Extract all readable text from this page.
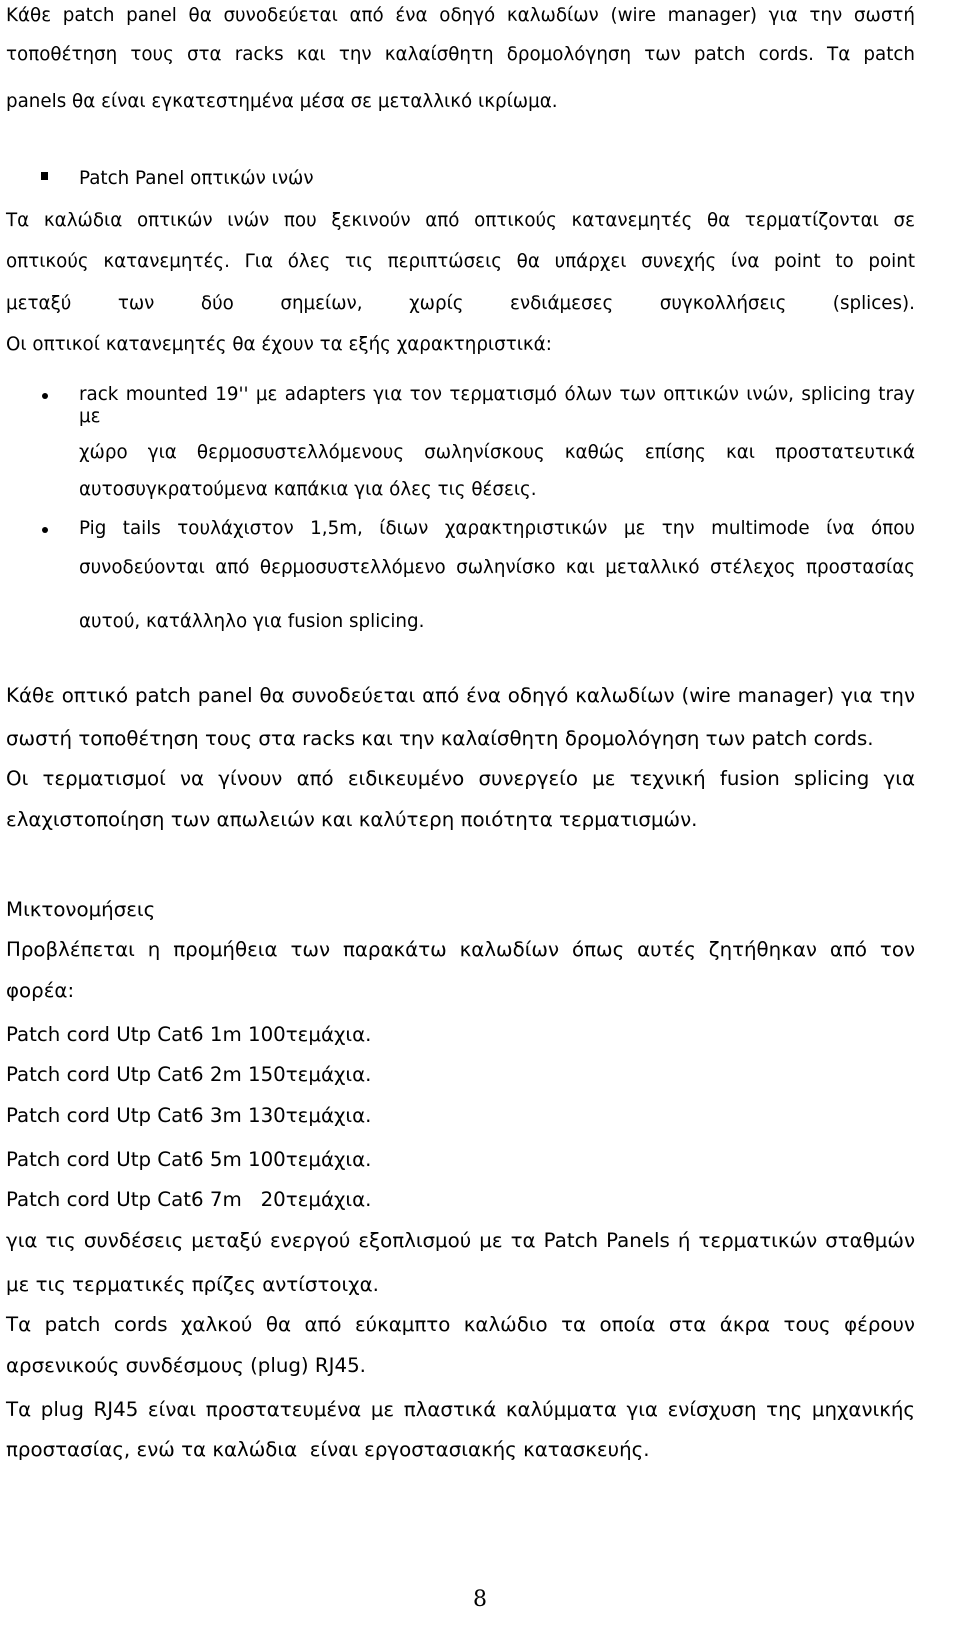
Κάθε patch panel θα συνοδεύεται από ένα οδηγό καλωδίων (wire manager) για την σωστή

τοποθέτηση τους στα racks και την καλαίσθητη δρομολόγηση των patch cords. Τα patch

panels θα είναι εγκατεστημένα μέσα σε μεταλλικό ικρίωμα.

Patch Panel οπτικών ινών

Τα καλώδια οπτικών ινών που ξεκινούν από οπτικούς κατανεμητές θα τερματίζονται σε

οπτικούς κατανεμητές. Για όλες τις περιπτώσεις θα υπάρχει συνεχής ίνα point to point

μεταξύ των δύο σημείων, χωρίς ενδιάμεσες συγκολλήσεις (splices).

Οι οπτικοί κατανεμητές θα έχουν τα εξής χαρακτηριστικά:

rack mounted 19'' με adapters για τον τερματισμό όλων των οπτικών ινών, splicing tray με

χώρο για θερμοσυστελλόμενους σωληνίσκους καθώς επίσης και προστατευτικά

αυτοσυγκρατούμενα καπάκια για όλες τις θέσεις.

Pig tails τουλάχιστον 1,5m, ίδιων χαρακτηριστικών με την multimode ίνα όπου

συνοδεύονται από θερμοσυστελλόμενο σωληνίσκο και μεταλλικό στέλεχος προστασίας

αυτού, κατάλληλο για fusion splicing.

Κάθε οπτικό patch panel θα συνοδεύεται από ένα οδηγό καλωδίων (wire manager) για την

σωστή τοποθέτηση τους στα racks και την καλαίσθητη δρομολόγηση των patch cords.

Οι τερματισμοί να γίνουν από ειδικευμένο συνεργείο με τεχνική fusion splicing για

ελαχιστοποίηση των απωλειών και καλύτερη ποιότητα τερματισμών.

Μικτονομήσεις

Προβλέπεται η προμήθεια των παρακάτω καλωδίων όπως αυτές ζητήθηκαν από τον

φορέα:

Patch cord Utp Cat6 1m 100τεμάχια.

Patch cord Utp Cat6 2m 150τεμάχια.

Patch cord Utp Cat6 3m 130τεμάχια.

Patch cord Utp Cat6 5m 100τεμάχια.

Patch cord Utp Cat6 7m   20τεμάχια.

για τις συνδέσεις μεταξύ ενεργού εξοπλισμού με τα Patch Panels ή τερματικών σταθμών

με τις τερματικές πρίζες αντίστοιχα.

Τα patch cords χαλκού θα από εύκαμπτο καλώδιο τα οποία στα άκρα τους φέρουν

αρσενικούς συνδέσμους (plug) RJ45.

Τα plug RJ45 είναι προστατευμένα με πλαστικά καλύμματα για ενίσχυση της μηχανικής

προστασίας, ενώ τα καλώδια  είναι εργοστασιακής κατασκευής.

8
